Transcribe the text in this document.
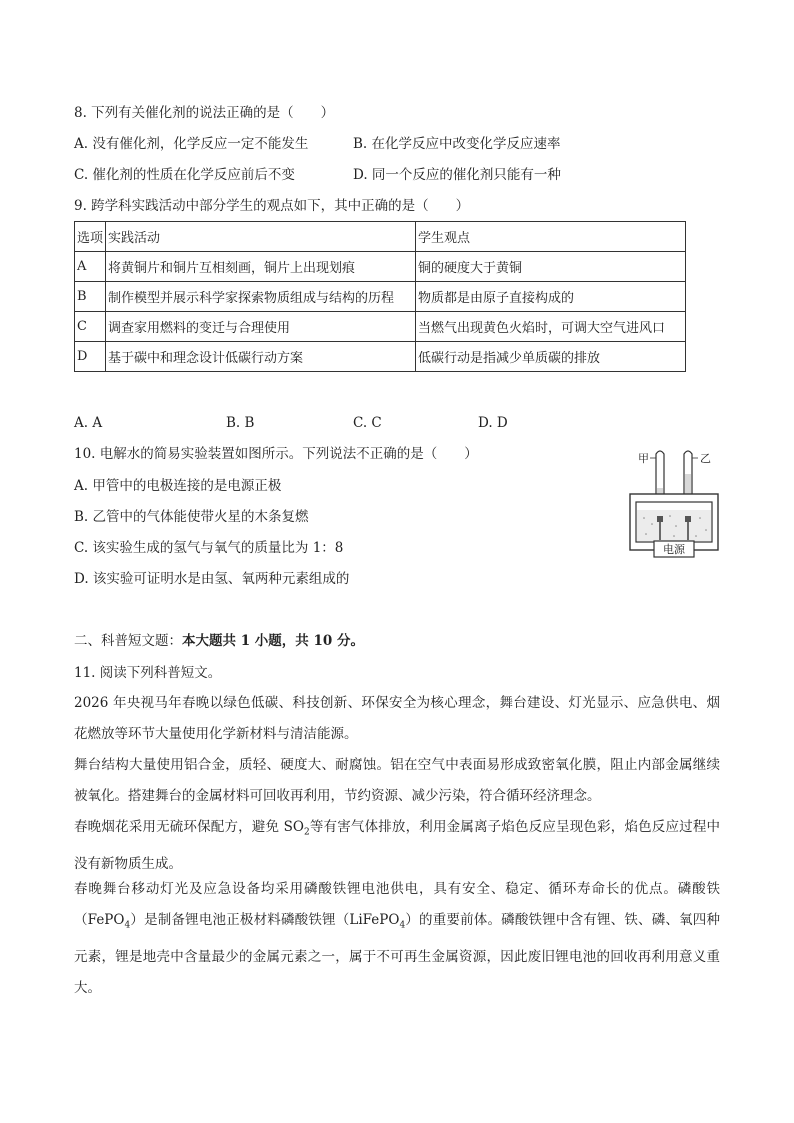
8. 下列有关催化剂的说法正确的是（　　）
A. 没有催化剂，化学反应一定不能发生	B. 在化学反应中改变化学反应速率
C. 催化剂的性质在化学反应前后不变	D. 同一个反应的催化剂只能有一种
9. 跨学科实践活动中部分学生的观点如下，其中正确的是（　　）
选项	实践活动	学生观点
A	将黄铜片和铜片互相刻画，铜片上出现划痕	铜的硬度大于黄铜
B	制作模型并展示科学家探索物质组成与结构的历程	物质都是由原子直接构成的
C	调查家用燃料的变迁与合理使用	当燃气出现黄色火焰时，可调大空气进风口
D	基于碳中和理念设计低碳行动方案	低碳行动是指减少单质碳的排放
A. A	B. B	C. C	D. D
10. 电解水的简易实验装置如图所示。下列说法不正确的是（　　）
A. 甲管中的电极连接的是电源正极
B. 乙管中的气体能使带火星的木条复燃
C. 该实验生成的氢气与氧气的质量比为 1：8
D. 该实验可证明水是由氢、氧两种元素组成的
电源
甲	乙
二、科普短文题：本大题共 1 小题，共 10 分。
11. 阅读下列科普短文。
2026 年央视马年春晚以绿色低碳、科技创新、环保安全为核心理念，舞台建设、灯光显示、应急供电、烟花燃放等环节大量使用化学新材料与清洁能源。
舞台结构大量使用铝合金，质轻、硬度大、耐腐蚀。铝在空气中表面易形成致密氧化膜，阻止内部金属继续被氧化。搭建舞台的金属材料可回收再利用，节约资源、减少污染，符合循环经济理念。
春晚烟花采用无硫环保配方，避免 $SO_2$等有害气体排放，利用金属离子焰色反应呈现色彩，焰色反应过程中没有新物质生成。
春晚舞台移动灯光及应急设备均采用磷酸铁锂电池供电，具有安全、稳定、循环寿命长的优点。磷酸铁（FePO$_4$）是制备锂电池正极材料磷酸铁锂（LiFePO$_4$）的重要前体。磷酸铁锂中含有锂、铁、磷、氧四种元素，锂是地壳中含量最少的金属元素之一，属于不可再生金属资源，因此废旧锂电池的回收再利用意义重大。
